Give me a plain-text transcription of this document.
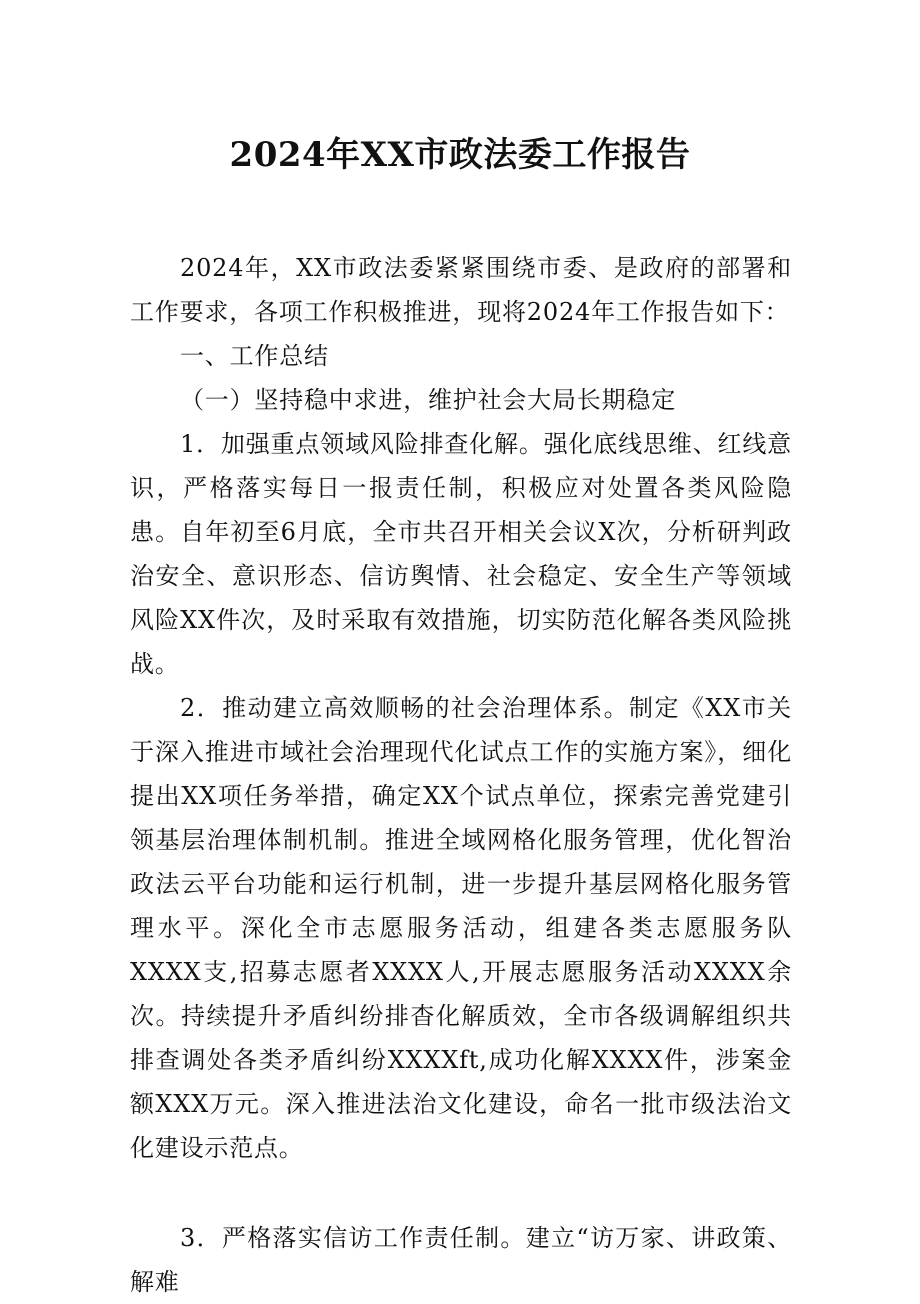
2024年XX市政法委工作报告

2024年，XX市政法委紧紧围绕市委、是政府的部署和工作要求，各项工作积极推进，现将2024年工作报告如下：

一、工作总结

（一）坚持稳中求进，维护社会大局长期稳定

1．加强重点领域风险排查化解。强化底线思维、红线意识，严格落实每日一报责任制，积极应对处置各类风险隐患。自年初至6月底，全市共召开相关会议X次，分析研判政治安全、意识形态、信访舆情、社会稳定、安全生产等领域风险XX件次，及时采取有效措施，切实防范化解各类风险挑战。

2．推动建立高效顺畅的社会治理体系。制定《XX市关于深入推进市域社会治理现代化试点工作的实施方案》，细化提出XX项任务举措，确定XX个试点单位，探索完善党建引领基层治理体制机制。推进全域网格化服务管理，优化智治政法云平台功能和运行机制，进一步提升基层网格化服务管理水平。深化全市志愿服务活动，组建各类志愿服务队XXXX支,招募志愿者XXXX人,开展志愿服务活动XXXX余次。持续提升矛盾纠纷排杳化解质效，全市各级调解组织共排查调处各类矛盾纠纷XXXXft,成功化解XXXX件，涉案金额XXX万元。深入推进法治文化建设，命名一批市级法治文化建设示范点。

3．严格落实信访工作责任制。建立“访万家、讲政策、解难
